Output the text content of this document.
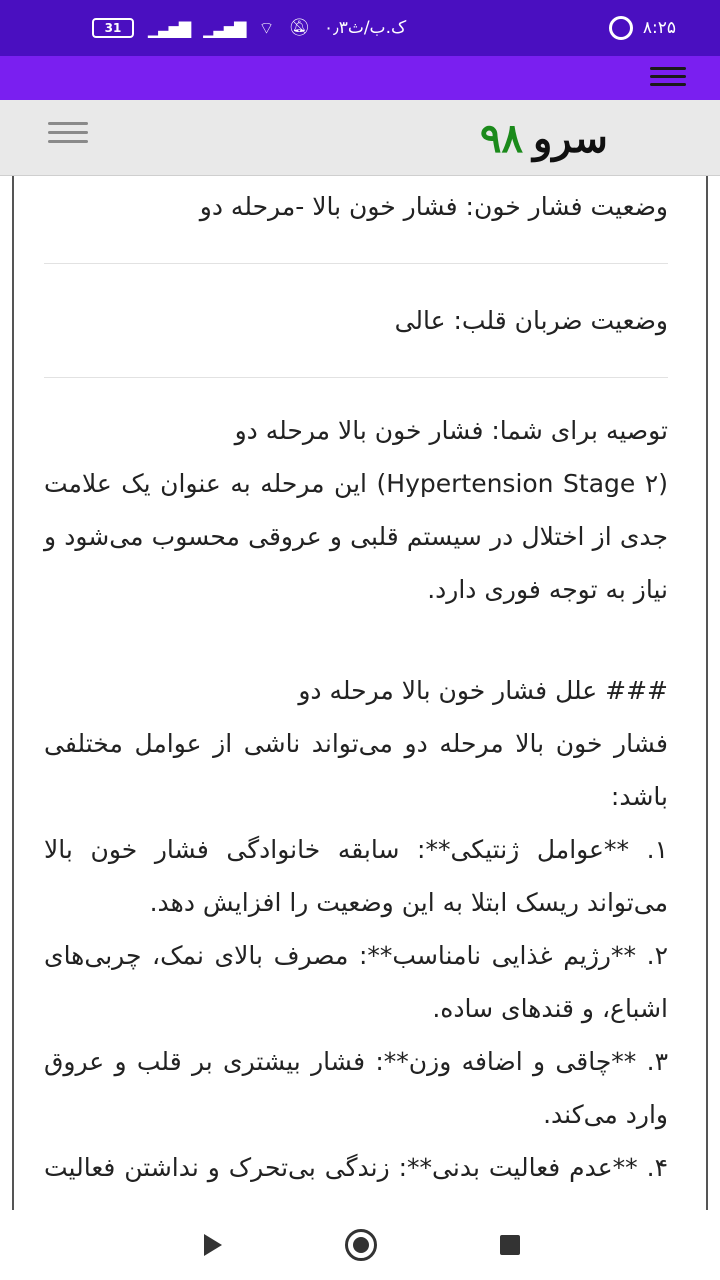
31	▁▃▅▇ ▁▃▅▇ ⌔ 🔕︎ ۰٫۳ک.ب/ث	۸:۲۵
۹۸ سرو
وضعیت فشار خون: فشار خون بالا -مرحله دو
وضعیت ضربان قلب: عالی
توصیه برای شما: فشار خون بالا مرحله دو
(Hypertension Stage ۲) این مرحله به عنوان یک علامت جدی از اختلال در سیستم قلبی و عروقی محسوب می‌شود و نیاز به توجه فوری دارد.
### علل فشار خون بالا مرحله دو
فشار خون بالا مرحله دو می‌تواند ناشی از عوامل مختلفی باشد:
۱. **عوامل ژنتیکی**: سابقه خانوادگی فشار خون بالا می‌تواند ریسک ابتلا به این وضعیت را افزایش دهد.
۲. **رژیم غذایی نامناسب**: مصرف بالای نمک، چربی‌های اشباع، و قندهای ساده.
۳. **چاقی و اضافه وزن**: فشار بیشتری بر قلب و عروق وارد می‌کند.
۴. **عدم فعالیت بدنی**: زندگی بی‌تحرک و نداشتن فعالیت
